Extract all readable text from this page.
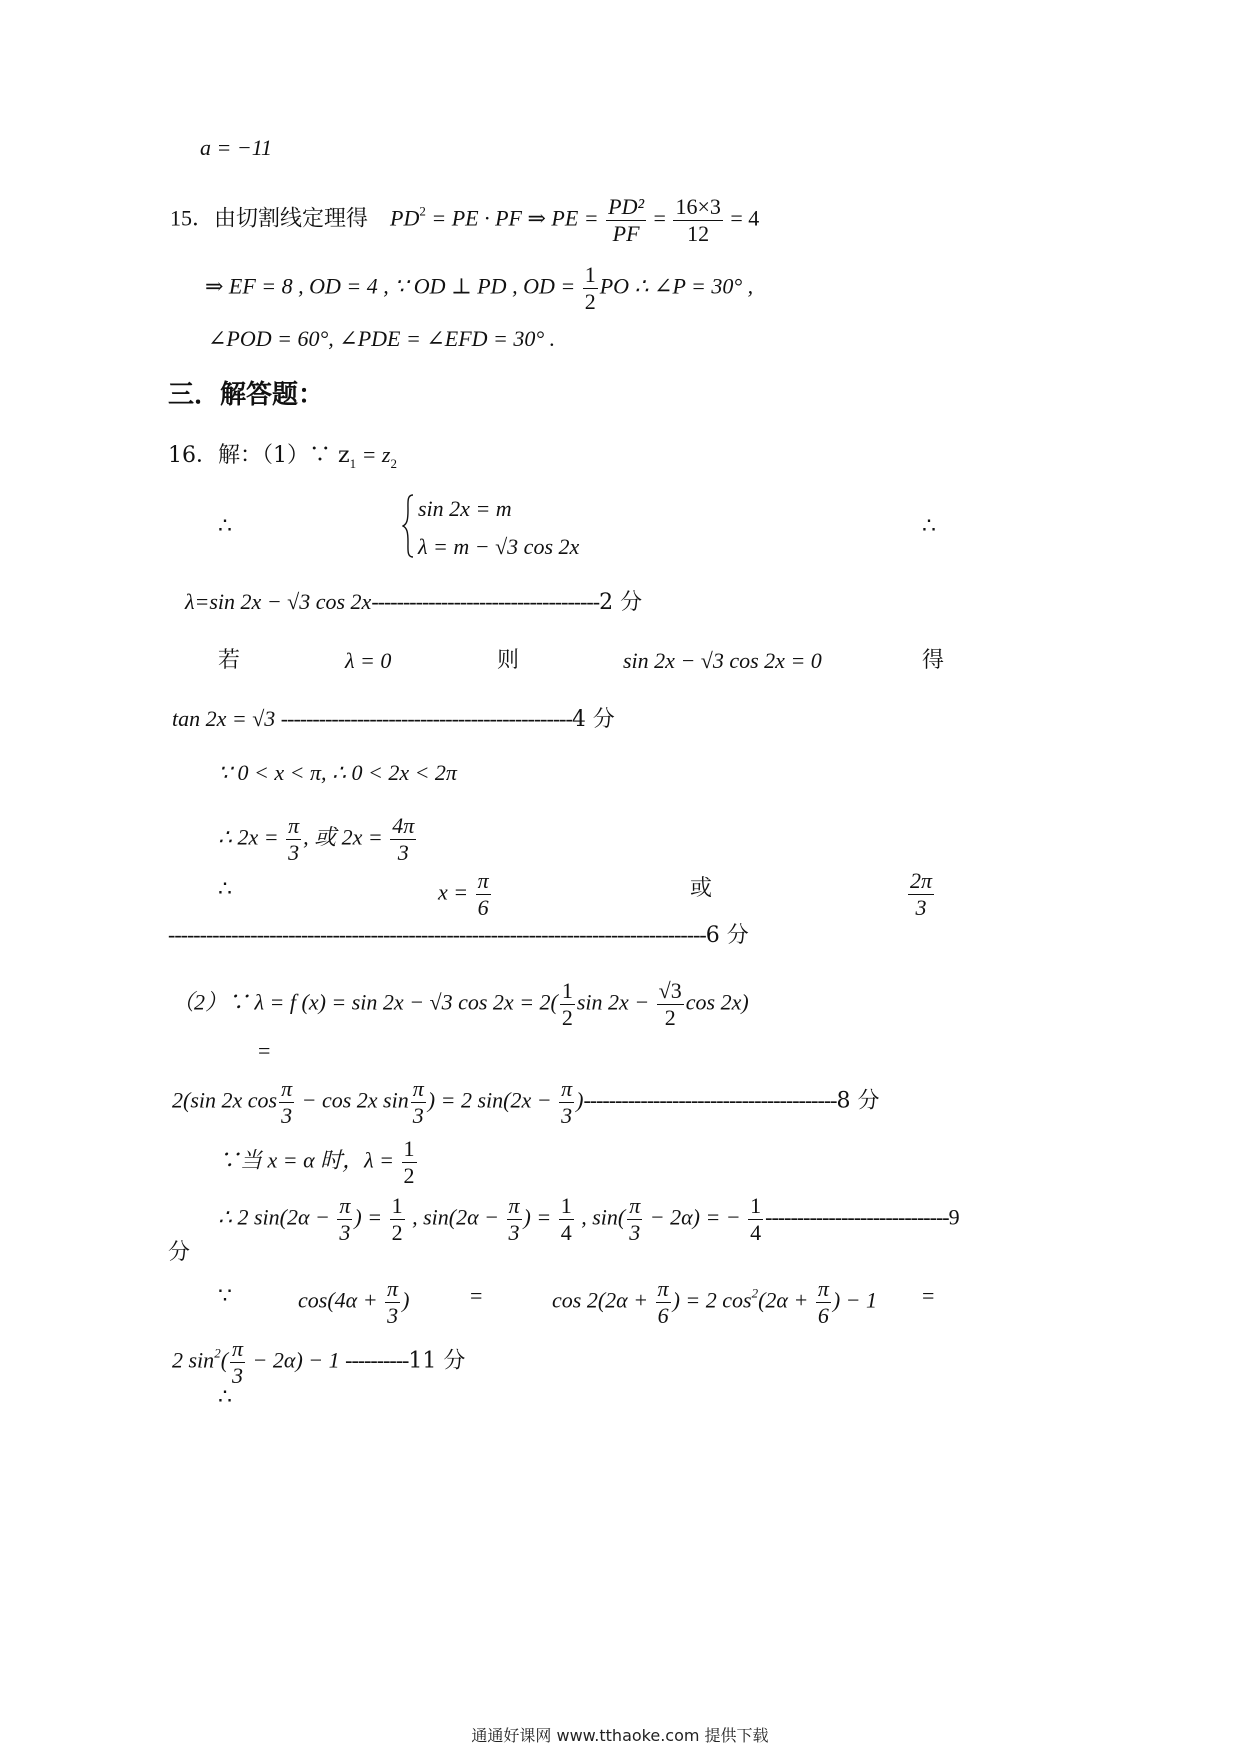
a = −11
15．由切割线定理得 $PD^2$ = PE · PF ⇒ PE = $\frac{\text{PD²}}{PF} = \frac{16\times 3}{12} = 4$
⇒ EF = 8 , OD = 4 , ∵ OD ⊥ PD , OD = $\frac{1}{2}$ PO ∴ ∠P = 30° ,
∠POD = 60°, ∠PDE = ∠EFD = 30° .
三．解答题：
16．解：（1）∵ $z_1 = z_2$
∴
sin 2x = m
λ = m − √3 cos 2x
∴
λ=sin 2x − √3 cos 2x------------------------------------2 分
若	λ = 0	则	sin 2x − √3 cos 2x = 0	得
tan 2x = √3 ----------------------------------------------4 分
∵ 0 < x < π, ∴ 0 < 2x < 2π
∴ $2x = \frac{\pi}{3}$ , 或 $2x = \frac{4\pi}{3}$
∴	$x = \frac{\pi}{6}$	或	$\frac{2\pi}{3}$
-------------------------------------------------------------------------------------6 分
（2）∵ λ = f (x) = sin 2x − √3 $\cos 2x = 2( \frac{1}{2}$ $\sin 2x - \frac{√3}{2}$ cos 2x)
=
2(sin 2x $\cos \frac{\pi}{3} - \cos 2x$ $\sin \frac{\pi}{3}$ ) = 2 $\sin(2x - \frac{\pi}{3} )----------------------------------------8$ 分
∵当 x = α 时，$\lambda = \frac{1}{2}$
∴ 2 $\sin(2\alpha - \frac{\pi}{3}$ ) = $\frac{1}{2}$ , $\sin(2\alpha - \frac{\pi}{3}$ ) = $\frac{1}{4}$ , $\sin( \frac{\pi}{3} - 2\alpha)$ = − $\frac{1}{4} -----------------------------9$
分
∵	$\cos(4\alpha + \frac{\pi}{3}$ )	=	$\cos 2(2\alpha + \frac{\pi}{6}$ ) = 2 $\cos^2(2\alpha + \frac{\pi}{6}$ ) − 1 =
2 $\sin^2( \frac{\pi}{3} - 2\alpha) - 1$ ----------11 分
∴
通通好课网 www.tthaoke.com 提供下载
